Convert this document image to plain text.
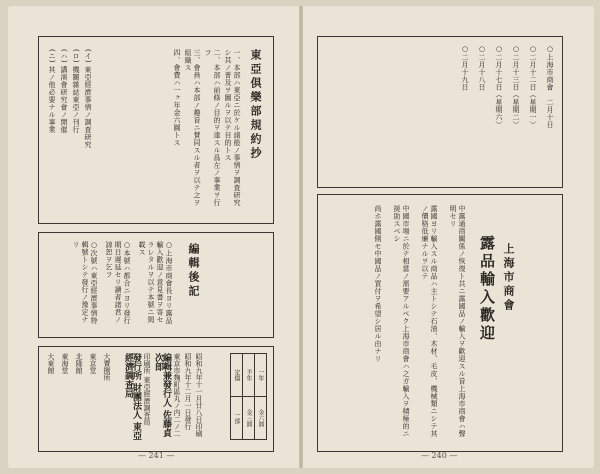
東亞倶樂部規約抄
一、本部ハ東亞ニ於ケル諸般ノ事情ヲ調査研究シ其ノ普及ヲ圖ルヲ以テ目的トス
二、本部ハ前條ノ目的ヲ達スル爲左ノ事業ヲ行フ
三、會員ハ本部ノ趣旨ニ賛同スル者ヲ以テ之ヲ組織ス
四、會費ハ一ヶ年金六圓トス
(イ) 東亞經濟事情ノ調査研究
(ロ) 機關雜誌東亞ノ刊行
(ハ) 講演會研究會ノ開催
(ニ) 其ノ他必要ナル事業
編輯後記
○上海市商會長ヨリ露品輸入歡迎ノ意見書ヲ寄セラレタルヲ以テ本號ニ掲載ス
○本號ハ都合ニヨリ發行期日遲延セリ讀者諸君ノ諒恕ヲ乞フ
○次號ハ東亞經濟事情特輯號トシテ發行ノ豫定ナリ
定價	半年	一年
一部	金三圓	金六圓
昭和九年十一月廿八日印刷
昭和九年十二月一日發行
東京市麹町區丸ノ内二ノ二
編輯兼發行人 佐藤貞次郎
印刷所 東亞經濟調査局
發行所 財團法人 東亞經濟調査局
大賣捌所
東京堂
北隆館
東海堂
大東館
— 241 —
○上海市商會　二月十日
○二月十二日（星期一）
○二月十三日（星期二）
○二月十七日（星期六）
○二月十八日
○二月十九日
上海市商會
露品輸入歡迎
中露通商關係ノ恢復ト共ニ露國品ノ輸入ヲ歡迎スル旨上海市商會ハ聲明セリ
露國ヨリ輸入スル商品ハ主トシテ石油、木材、毛皮、機械類ニシテ其ノ價格低廉ナルヲ以テ
中國市場ニ於テ相當ノ需要アルベク上海市商會ハ之ガ輸入ヲ積極的ニ援助スベシ
尚ホ露國側モ中國品ノ買付ヲ希望シ居ル由ナリ
— 240 —
